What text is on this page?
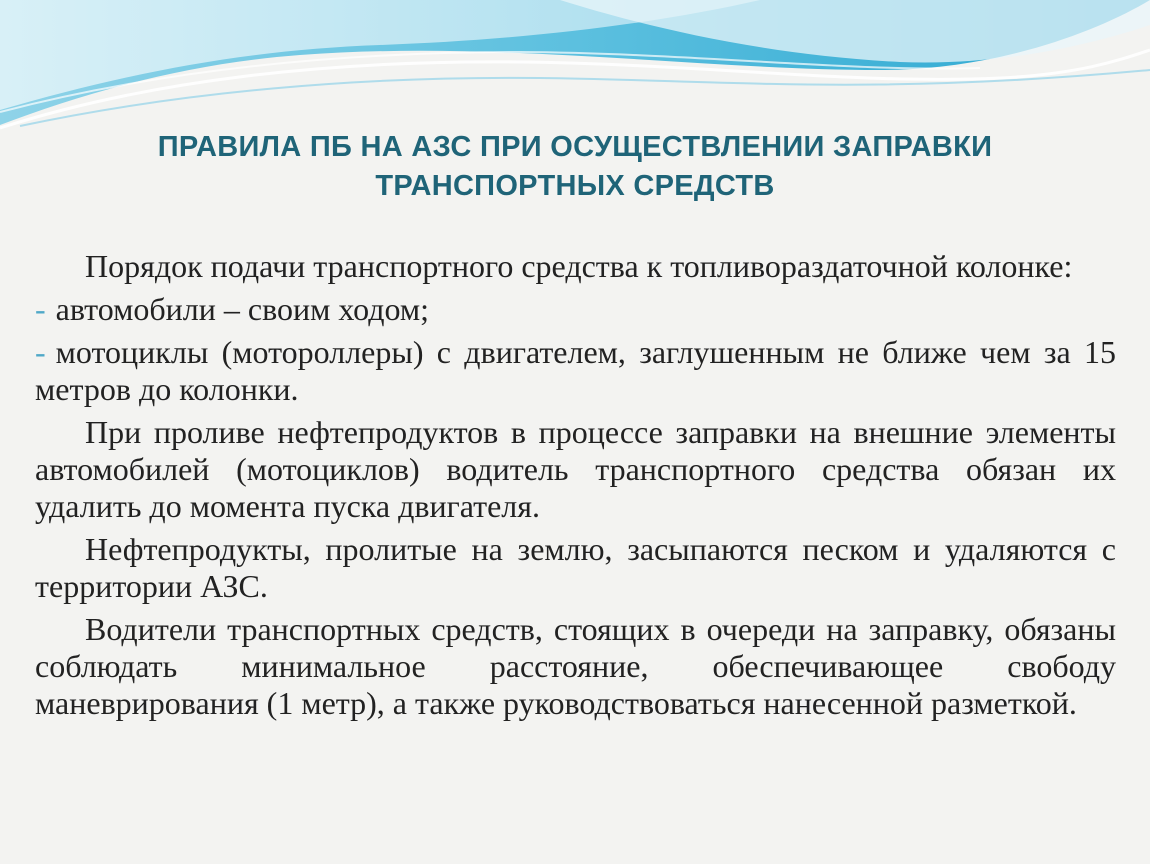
ПРАВИЛА ПБ НА АЗС ПРИ ОСУЩЕСТВЛЕНИИ ЗАПРАВКИ
ТРАНСПОРТНЫХ СРЕДСТВ

Порядок подачи транспортного средства к топливораздаточной колонке:

- автомобили – своим ходом;

- мотоциклы (мотороллеры) с двигателем, заглушенным не ближе чем за 15 метров до колонки.

При проливе нефтепродуктов в процессе заправки на внешние элементы автомобилей (мотоциклов) водитель транспортного средства обязан их удалить до момента пуска двигателя.

Нефтепродукты, пролитые на землю, засыпаются песком и удаляются с территории АЗС.

Водители транспортных средств, стоящих в очереди на заправку, обязаны соблюдать минимальное расстояние, обеспечивающее свободу маневрирования (1 метр), а также руководствоваться нанесенной разметкой.
